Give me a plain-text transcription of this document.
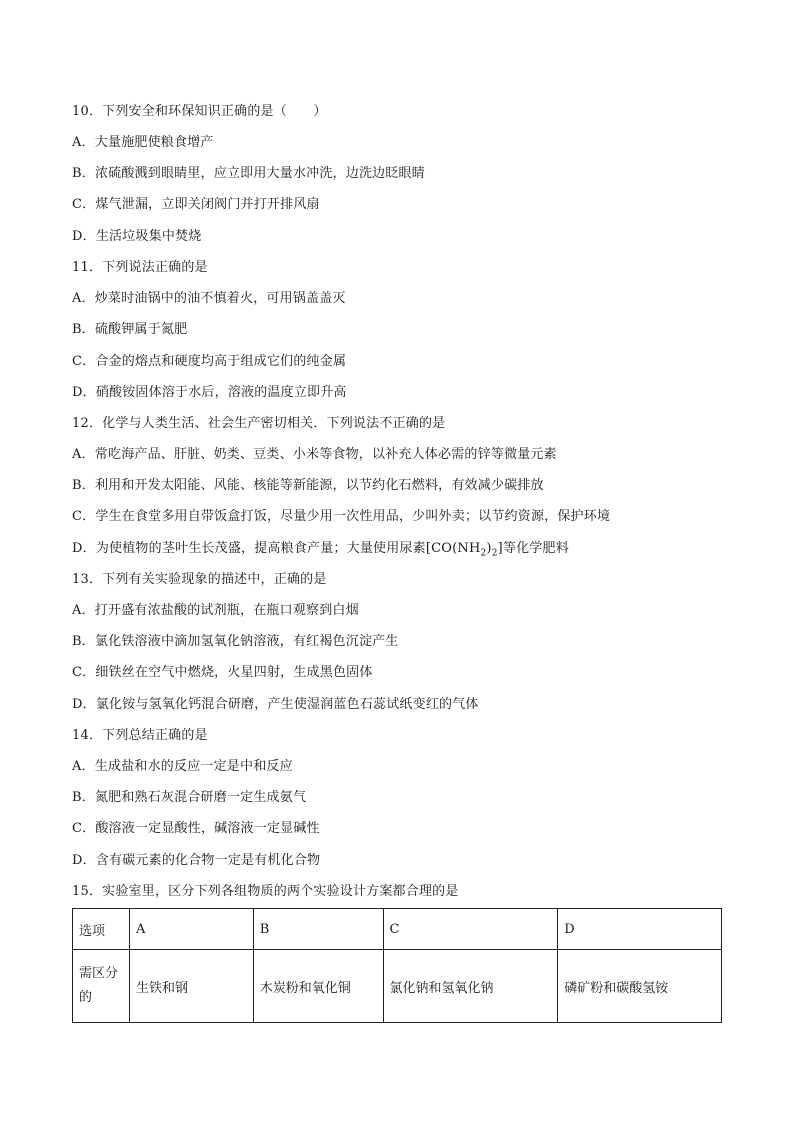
10．下列安全和环保知识正确的是（　　）
A．大量施肥使粮食增产
B．浓硫酸溅到眼睛里，应立即用大量水冲洗，边洗边眨眼睛
C．煤气泄漏，立即关闭阀门并打开排风扇
D．生活垃圾集中焚烧
11．下列说法正确的是
A．炒菜时油锅中的油不慎着火，可用锅盖盖灭
B．硫酸钾属于氮肥
C．合金的熔点和硬度均高于组成它们的纯金属
D．硝酸铵固体溶于水后，溶液的温度立即升高
12．化学与人类生活、社会生产密切相关．下列说法不正确的是
A．常吃海产品、肝脏、奶类、豆类、小米等食物，以补充人体必需的锌等微量元素
B．利用和开发太阳能、风能、核能等新能源，以节约化石燃料，有效减少碳排放
C．学生在食堂多用自带饭盒打饭，尽量少用一次性用品，少叫外卖；以节约资源，保护环境
D．为使植物的茎叶生长茂盛，提高粮食产量；大量使用尿素$[CO(NH_2)_2]$等化学肥料
13．下列有关实验现象的描述中，正确的是
A．打开盛有浓盐酸的试剂瓶，在瓶口观察到白烟
B．氯化铁溶液中滴加氢氧化钠溶液，有红褐色沉淀产生
C．细铁丝在空气中燃烧，火星四射，生成黑色固体
D．氯化铵与氢氧化钙混合研磨，产生使湿润蓝色石蕊试纸变红的气体
14．下列总结正确的是
A．生成盐和水的反应一定是中和反应
B．氮肥和熟石灰混合研磨一定生成氨气
C．酸溶液一定显酸性，碱溶液一定显碱性
D．含有碳元素的化合物一定是有机化合物
15．实验室里，区分下列各组物质的两个实验设计方案都合理的是
选项	A	B	C	D

需区分的	生铁和钢	木炭粉和氧化铜	氯化钠和氢氧化钠	磷矿粉和碳酸氢铵
